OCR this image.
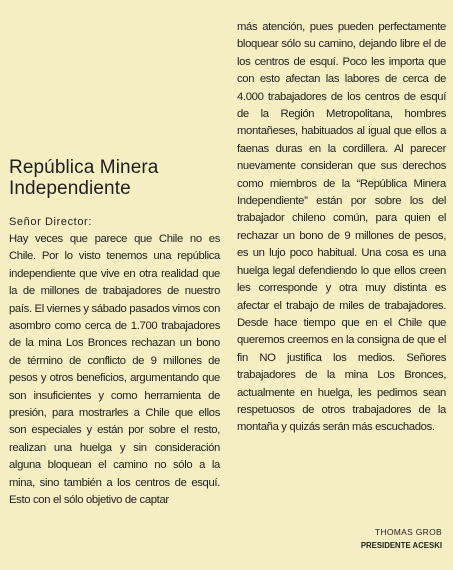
República Minera Independiente
Señor Director:

Hay veces que parece que Chile no es Chile. Por lo visto tenemos una república independiente que vive en otra realidad que la de millones de trabajadores de nuestro país. El viernes y sábado pasados vimos con asombro como cerca de 1.700 trabajadores de la mina Los Bronces rechazan un bono de término de conflicto de 9 millones de pesos y otros beneficios, argumentando que son insuficientes y como herramienta de presión, para mostrarles a Chile que ellos son especiales y están por sobre el resto, realizan una huelga y sin consideración alguna bloquean el camino no sólo a la mina, sino también a los centros de esquí. Esto con el sólo objetivo de captar

más atención, pues pueden perfectamente bloquear sólo su camino, dejando libre el de los centros de esquí. Poco les importa que con esto afectan las labores de cerca de 4.000 trabajadores de los centros de esquí de la Región Metropolitana, hombres montañeses, habituados al igual que ellos a faenas duras en la cordillera. Al parecer nuevamente consideran que sus derechos como miembros de la “República Minera Independiente” están por sobre los del trabajador chileno común, para quien el rechazar un bono de 9 millones de pesos, es un lujo poco habitual. Una cosa es una huelga legal defendiendo lo que ellos creen les corresponde y otra muy distinta es afectar el trabajo de miles de trabajadores. Desde hace tiempo que en el Chile que queremos creemos en la consigna de que el fin NO justifica los medios. Señores trabajadores de la mina Los Bronces, actualmente en huelga, les pedimos sean respetuosos de otros trabajadores de la montaña y quizás serán más escuchados.

THOMAS GROB
PRESIDENTE ACESKI
